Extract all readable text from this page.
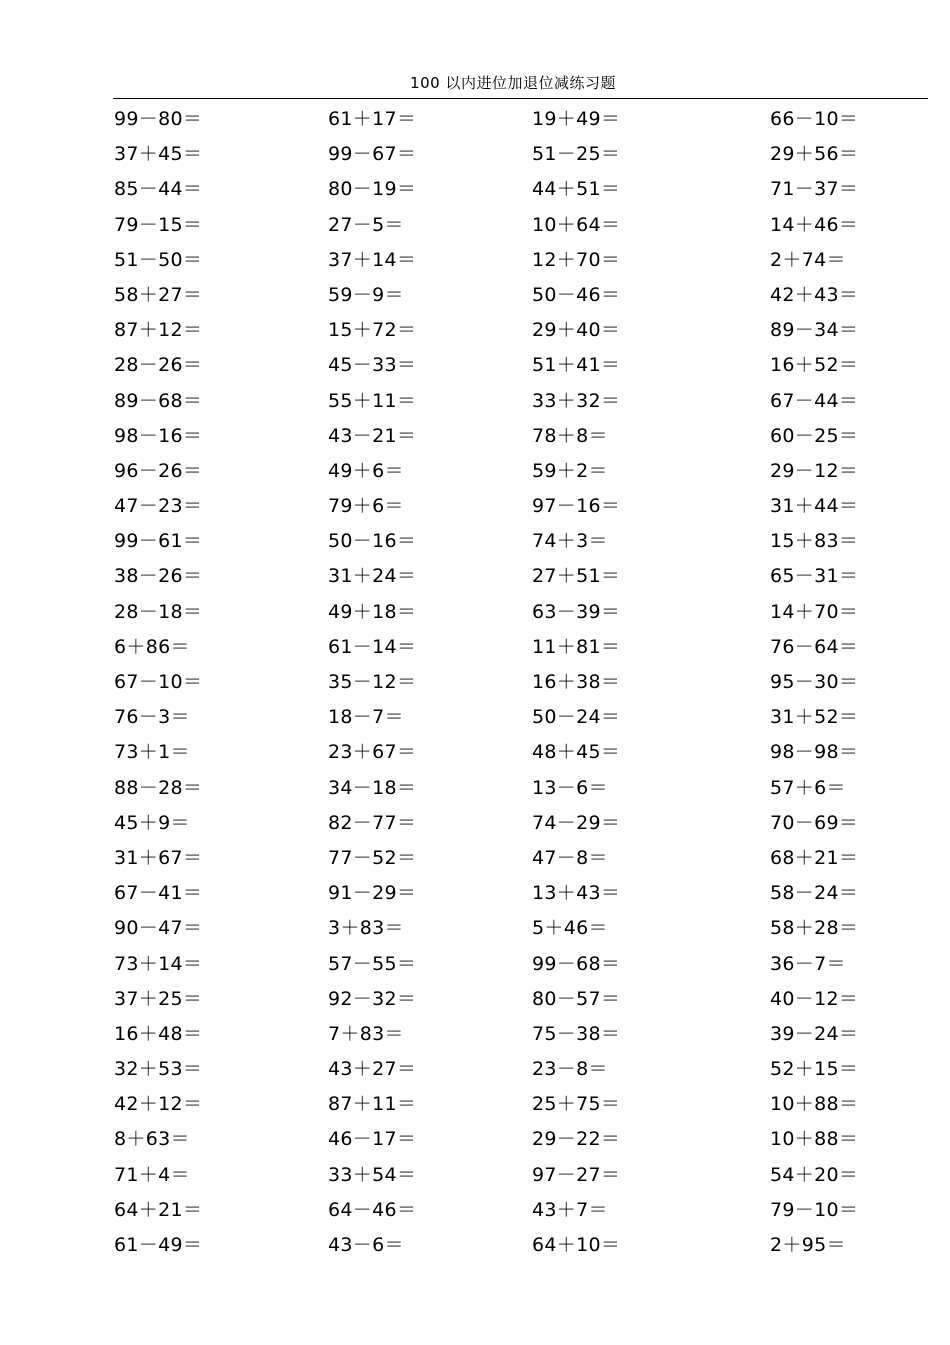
100 以内进位加退位减练习题
99－80＝	61＋17＝	19＋49＝	66－10＝
37＋45＝	99－67＝	51－25＝	29＋56＝
85－44＝	80－19＝	44＋51＝	71－37＝
79－15＝	27－5＝	10＋64＝	14＋46＝
51－50＝	37＋14＝	12＋70＝	2＋74＝
58＋27＝	59－9＝	50－46＝	42＋43＝
87＋12＝	15＋72＝	29＋40＝	89－34＝
28－26＝	45－33＝	51＋41＝	16＋52＝
89－68＝	55＋11＝	33＋32＝	67－44＝
98－16＝	43－21＝	78＋8＝	60－25＝
96－26＝	49＋6＝	59＋2＝	29－12＝
47－23＝	79＋6＝	97－16＝	31＋44＝
99－61＝	50－16＝	74＋3＝	15＋83＝
38－26＝	31＋24＝	27＋51＝	65－31＝
28－18＝	49＋18＝	63－39＝	14＋70＝
6＋86＝	61－14＝	11＋81＝	76－64＝
67－10＝	35－12＝	16＋38＝	95－30＝
76－3＝	18－7＝	50－24＝	31＋52＝
73＋1＝	23＋67＝	48＋45＝	98－98＝
88－28＝	34－18＝	13－6＝	57＋6＝
45＋9＝	82－77＝	74－29＝	70－69＝
31＋67＝	77－52＝	47－8＝	68＋21＝
67－41＝	91－29＝	13＋43＝	58－24＝
90－47＝	3＋83＝	5＋46＝	58＋28＝
73＋14＝	57－55＝	99－68＝	36－7＝
37＋25＝	92－32＝	80－57＝	40－12＝
16＋48＝	7＋83＝	75－38＝	39－24＝
32＋53＝	43＋27＝	23－8＝	52＋15＝
42＋12＝	87＋11＝	25＋75＝	10＋88＝
8＋63＝	46－17＝	29－22＝	10＋88＝
71＋4＝	33＋54＝	97－27＝	54＋20＝
64＋21＝	64－46＝	43＋7＝	79－10＝
61－49＝	43－6＝	64＋10＝	2＋95＝
